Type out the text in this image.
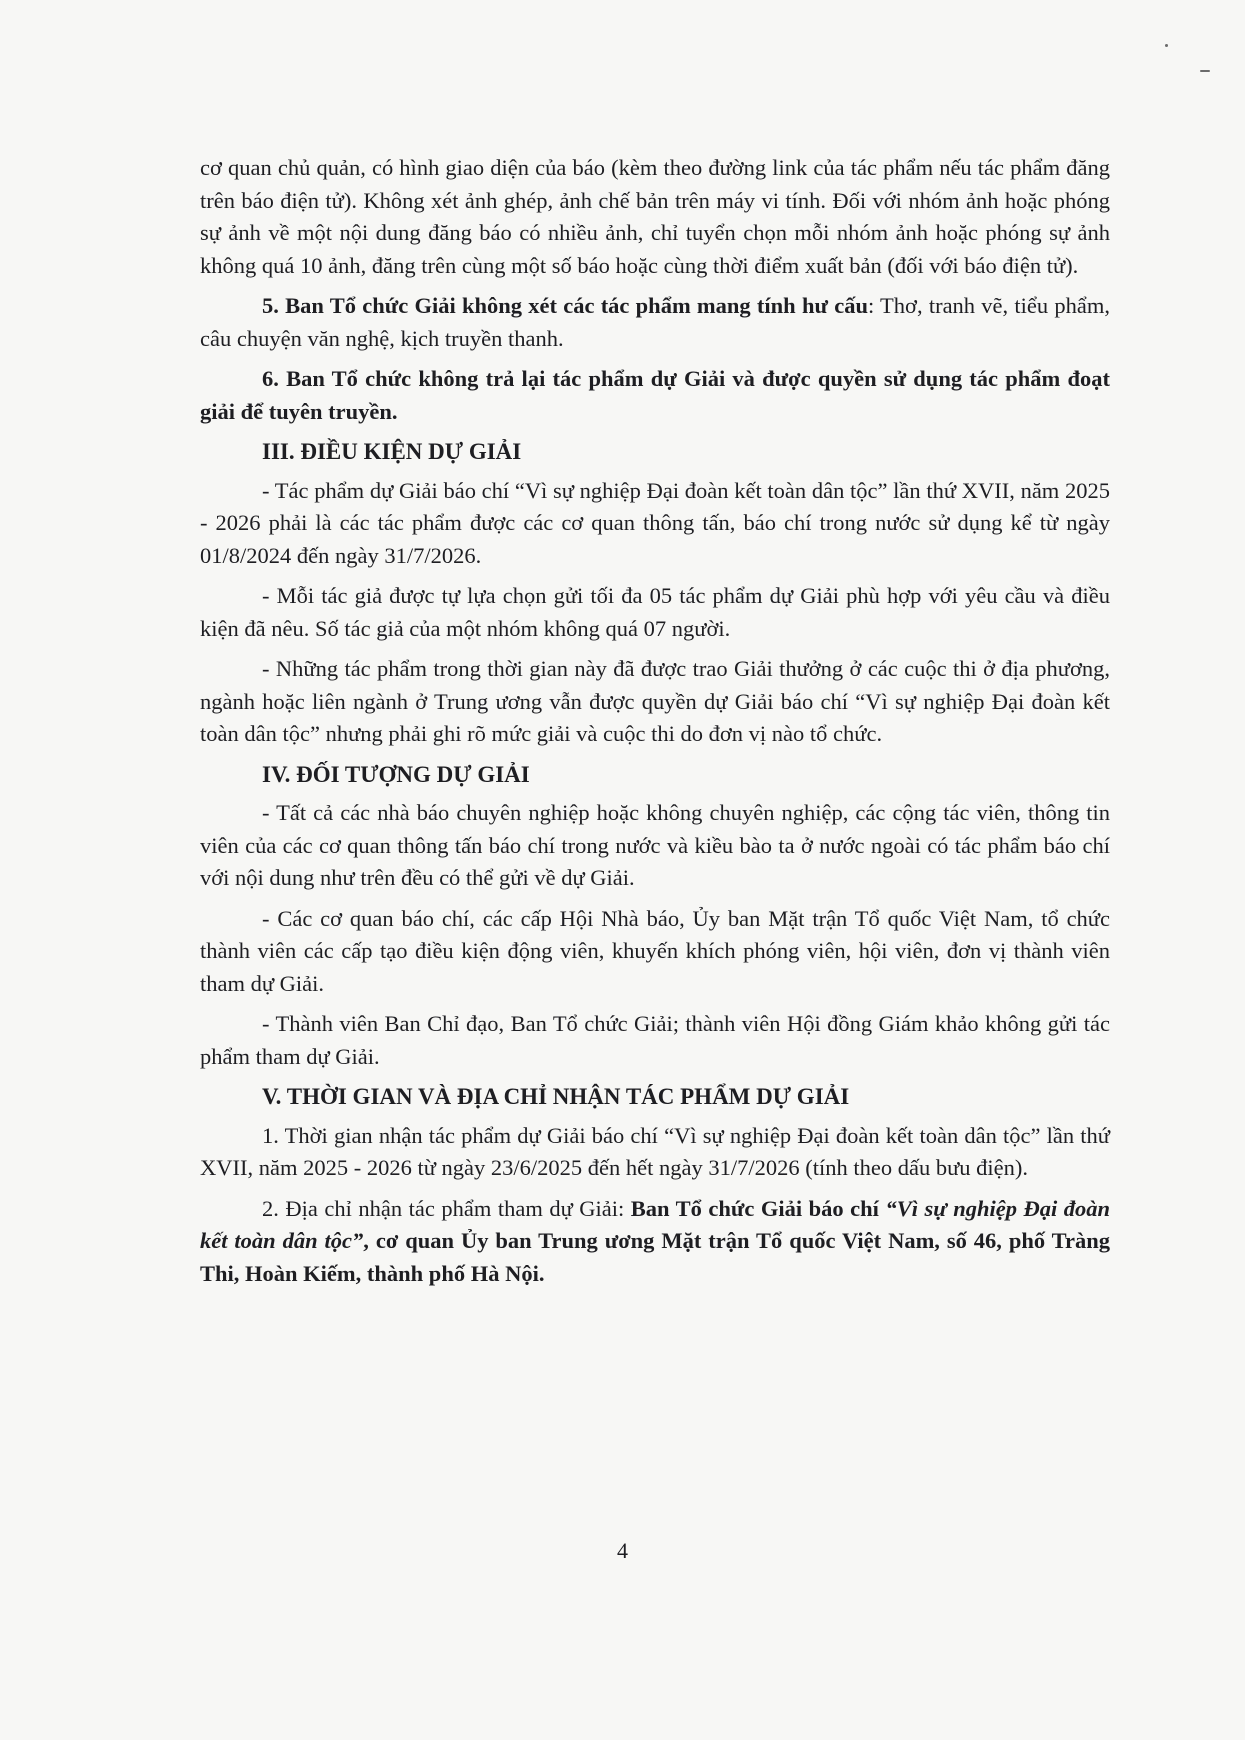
cơ quan chủ quản, có hình giao diện của báo (kèm theo đường link của tác phẩm nếu tác phẩm đăng trên báo điện tử). Không xét ảnh ghép, ảnh chế bản trên máy vi tính. Đối với nhóm ảnh hoặc phóng sự ảnh về một nội dung đăng báo có nhiều ảnh, chỉ tuyển chọn mỗi nhóm ảnh hoặc phóng sự ảnh không quá 10 ảnh, đăng trên cùng một số báo hoặc cùng thời điểm xuất bản (đối với báo điện tử).

5. Ban Tổ chức Giải không xét các tác phẩm mang tính hư cấu: Thơ, tranh vẽ, tiểu phẩm, câu chuyện văn nghệ, kịch truyền thanh.

6. Ban Tổ chức không trả lại tác phẩm dự Giải và được quyền sử dụng tác phẩm đoạt giải để tuyên truyền.

III. ĐIỀU KIỆN DỰ GIẢI

- Tác phẩm dự Giải báo chí “Vì sự nghiệp Đại đoàn kết toàn dân tộc” lần thứ XVII, năm 2025 - 2026 phải là các tác phẩm được các cơ quan thông tấn, báo chí trong nước sử dụng kể từ ngày 01/8/2024 đến ngày 31/7/2026.

- Mỗi tác giả được tự lựa chọn gửi tối đa 05 tác phẩm dự Giải phù hợp với yêu cầu và điều kiện đã nêu. Số tác giả của một nhóm không quá 07 người.

- Những tác phẩm trong thời gian này đã được trao Giải thưởng ở các cuộc thi ở địa phương, ngành hoặc liên ngành ở Trung ương vẫn được quyền dự Giải báo chí “Vì sự nghiệp Đại đoàn kết toàn dân tộc” nhưng phải ghi rõ mức giải và cuộc thi do đơn vị nào tổ chức.

IV. ĐỐI TƯỢNG DỰ GIẢI

- Tất cả các nhà báo chuyên nghiệp hoặc không chuyên nghiệp, các cộng tác viên, thông tin viên của các cơ quan thông tấn báo chí trong nước và kiều bào ta ở nước ngoài có tác phẩm báo chí với nội dung như trên đều có thể gửi về dự Giải.

- Các cơ quan báo chí, các cấp Hội Nhà báo, Ủy ban Mặt trận Tổ quốc Việt Nam, tổ chức thành viên các cấp tạo điều kiện động viên, khuyến khích phóng viên, hội viên, đơn vị thành viên tham dự Giải.

- Thành viên Ban Chỉ đạo, Ban Tổ chức Giải; thành viên Hội đồng Giám khảo không gửi tác phẩm tham dự Giải.

V. THỜI GIAN VÀ ĐỊA CHỈ NHẬN TÁC PHẨM DỰ GIẢI

1. Thời gian nhận tác phẩm dự Giải báo chí “Vì sự nghiệp Đại đoàn kết toàn dân tộc” lần thứ XVII, năm 2025 - 2026 từ ngày 23/6/2025 đến hết ngày 31/7/2026 (tính theo dấu bưu điện).

2. Địa chỉ nhận tác phẩm tham dự Giải: Ban Tổ chức Giải báo chí “Vì sự nghiệp Đại đoàn kết toàn dân tộc”, cơ quan Ủy ban Trung ương Mặt trận Tổ quốc Việt Nam, số 46, phố Tràng Thi, Hoàn Kiếm, thành phố Hà Nội.

4
